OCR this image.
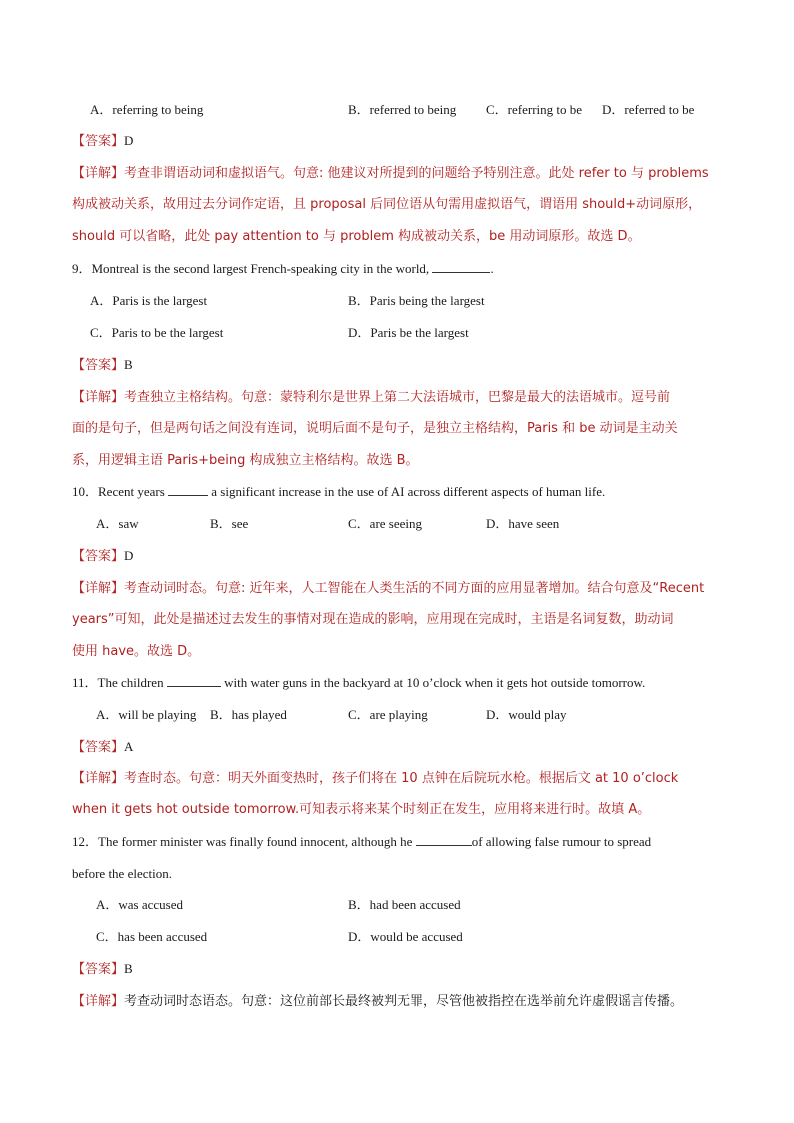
A．referring to being	B．referred to being C．referring to be D．referred to be
【答案】D
【详解】考查非谓语动词和虚拟语气。句意: 他建议对所提到的问题给予特别注意。此处 refer to 与 problems
构成被动关系，故用过去分词作定语，且 proposal 后同位语从句需用虚拟语气，谓语用 should+动词原形，
should 可以省略，此处 pay attention to 与 problem 构成被动关系，be 用动词原形。故选 D。
9．Montreal is the second largest French-speaking city in the world,	.
A．Paris is the largest	B．Paris being the largest
C．Paris to be the largest	D．Paris be the largest
【答案】B
【详解】考查独立主格结构。句意：蒙特利尔是世界上第二大法语城市，巴黎是最大的法语城市。逗号前
面的是句子，但是两句话之间没有连词，说明后面不是句子，是独立主格结构，Paris 和 be 动词是主动关
系，用逻辑主语 Paris+being 构成独立主格结构。故选 B。
10．Recent years	a significant increase in the use of AI across different aspects of human life.
A．saw	B．see	C．are seeing	D．have seen
【答案】D
【详解】考查动词时态。句意: 近年来，人工智能在人类生活的不同方面的应用显著增加。结合句意及“Recent
years”可知，此处是描述过去发生的事情对现在造成的影响，应用现在完成时，主语是名词复数，助动词
使用 have。故选 D。
11．The children	with water guns in the backyard at 10 o’clock when it gets hot outside tomorrow.
A．will be playing B．has played	C．are playing	D．would play
【答案】A
【详解】考查时态。句意：明天外面变热时，孩子们将在 10 点钟在后院玩水枪。根据后文 at 10 o’clock
when it gets hot outside tomorrow.可知表示将来某个时刻正在发生，应用将来进行时。故填 A。
12．The former minister was finally found innocent, although he	of allowing false rumour to spread
before the election.
A．was accused	B．had been accused
C．has been accused	D．would be accused
【答案】B
【详解】考查动词时态语态。句意：这位前部长最终被判无罪，尽管他被指控在选举前允许虚假谣言传播。
